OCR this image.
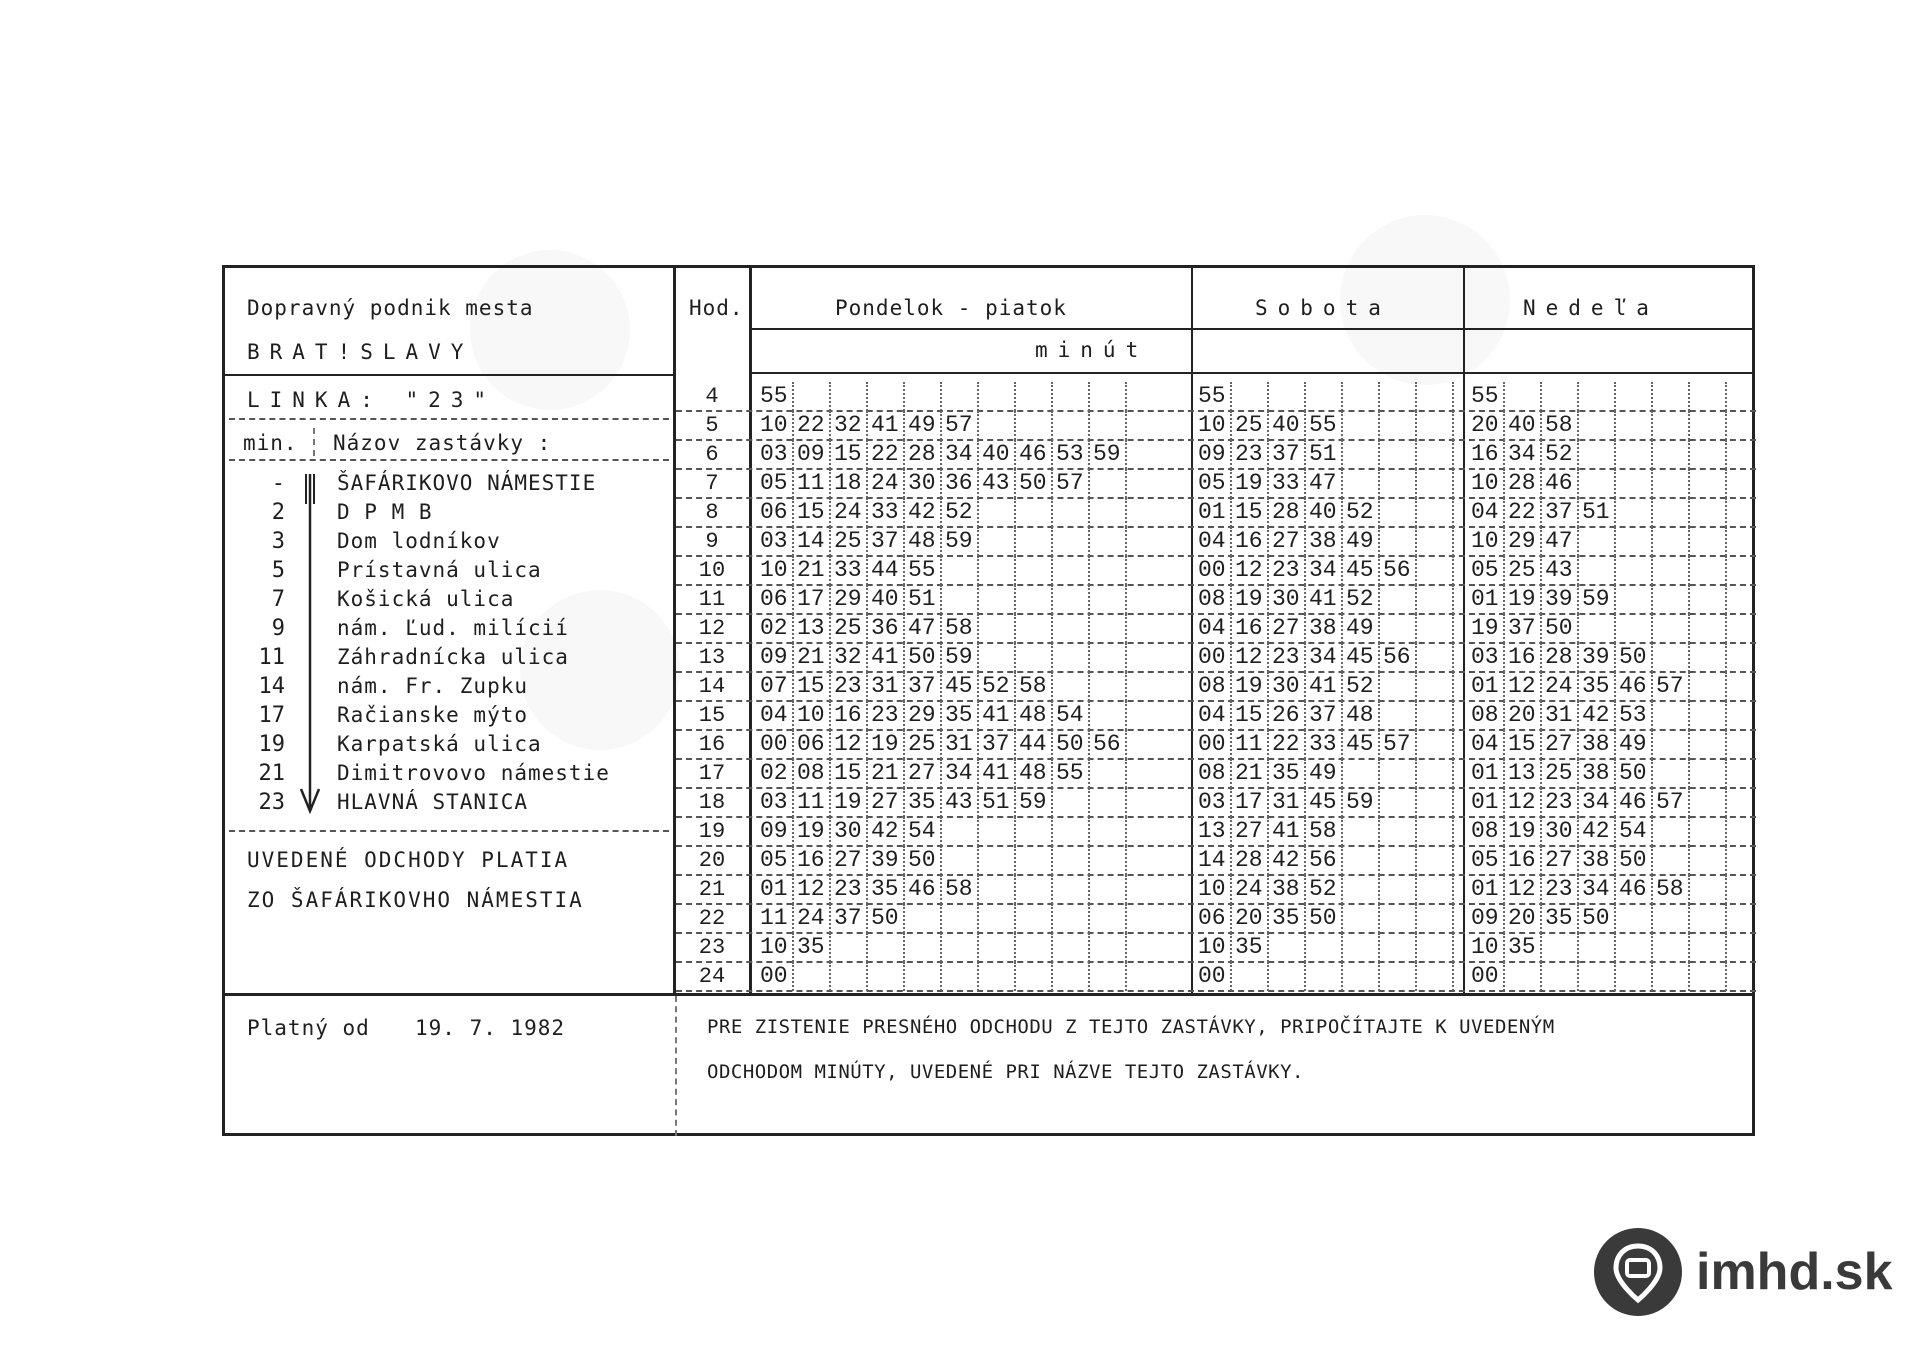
Dopravný podnik mesta
BRAT!SLAVY
LINKA: "23"
Hod.	Pondelok - piatok	Sobota	Nedeľa
minút
min. Názov zastávky :
- ŠAFÁRIKOVO NÁMESTIE
2 D P M B
3 Dom lodníkov
5 Prístavná ulica
7 Košická ulica
9 nám. Ľud. milícií
11 Záhradnícka ulica
14 nám. Fr. Zupku
17 Račianske mýto
19 Karpatská ulica
21 Dimitrovovo námestie
23 HLAVNÁ STANICA
UVEDENÉ ODCHODY PLATIA
ZO ŠAFÁRIKOVHO NÁMESTIA
Platný od 19. 7. 1982	PRE ZISTENIE PRESNÉHO ODCHODU Z TEJTO ZASTÁVKY, PRIPOČÍTAJTE K UVEDENÝM
ODCHODOM MINÚTY, UVEDENÉ PRI NÁZVE TEJTO ZASTÁVKY.
4	55	55	55
5	10 22 32 41 49 57	10 25 40 55	20 40 58
6	03 09 15 22 28 34 40 46 53 59	09 23 37 51	16 34 52
7	05 11 18 24 30 36 43 50 57	05 19 33 47	10 28 46
8	06 15 24 33 42 52	01 15 28 40 52	04 22 37 51
9	03 14 25 37 48 59	04 16 27 38 49	10 29 47
10	10 21 33 44 55	00 12 23 34 45 56	05 25 43
11	06 17 29 40 51	08 19 30 41 52	01 19 39 59
12	02 13 25 36 47 58	04 16 27 38 49	19 37 50
13	09 21 32 41 50 59	00 12 23 34 45 56	03 16 28 39 50
14	07 15 23 31 37 45 52 58	08 19 30 41 52	01 12 24 35 46 57
15	04 10 16 23 29 35 41 48 54	04 15 26 37 48	08 20 31 42 53
16	00 06 12 19 25 31 37 44 50 56	00 11 22 33 45 57	04 15 27 38 49
17	02 08 15 21 27 34 41 48 55	08 21 35 49	01 13 25 38 50
18	03 11 19 27 35 43 51 59	03 17 31 45 59	01 12 23 34 46 57
19	09 19 30 42 54	13 27 41 58	08 19 30 42 54
20	05 16 27 39 50	14 28 42 56	05 16 27 38 50
21	01 12 23 35 46 58	10 24 38 52	01 12 23 34 46 58
22	11 24 37 50	06 20 35 50	09 20 35 50
23	10 35	10 35	10 35
24	00	00	00
imhd.sk
